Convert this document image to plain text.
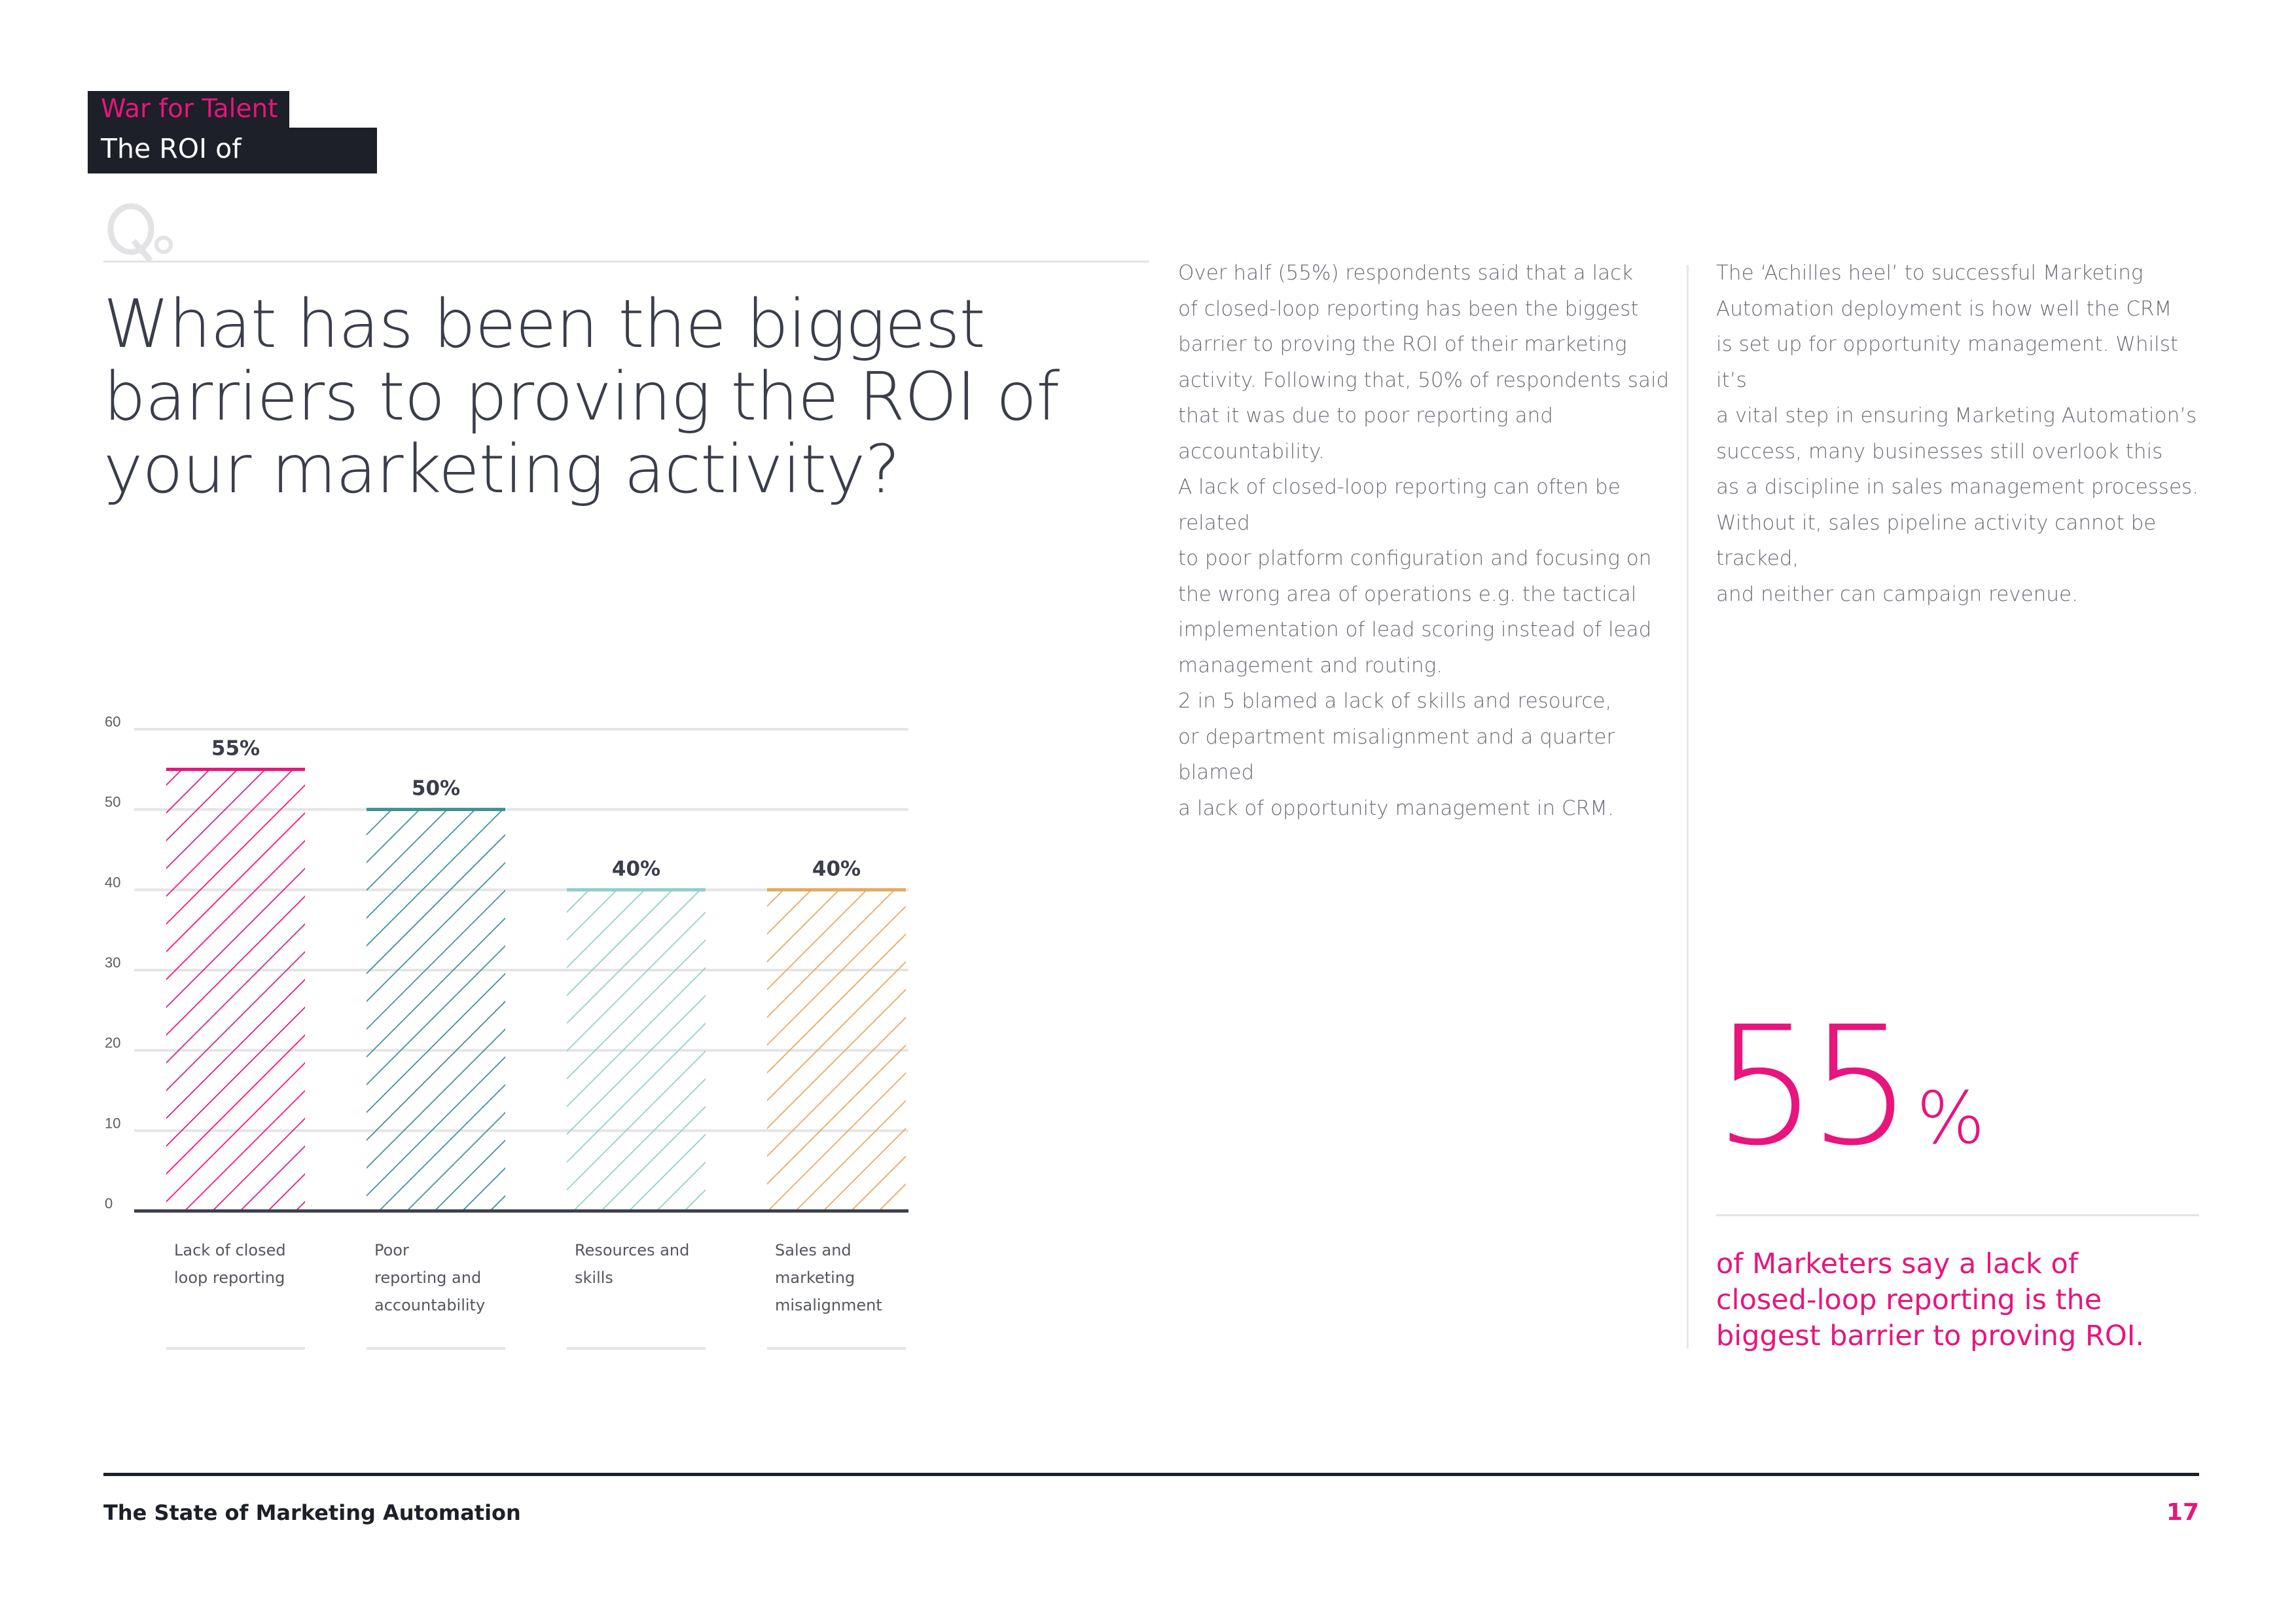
War for Talent
The ROI of Marketing
What has been the biggest barriers to proving the ROI of your marketing activity?

Over half (55%) respondents said that a lack
of closed-loop reporting has been the biggest
barrier to proving the ROI of their marketing
activity. Following that, 50% of respondents said
that it was due to poor reporting and accountability.

A lack of closed-loop reporting can often be related
to poor platform configuration and focusing on
the wrong area of operations e.g. the tactical
implementation of lead scoring instead of lead
management and routing.

2 in 5 blamed a lack of skills and resource,
or department misalignment and a quarter blamed
a lack of opportunity management in CRM.

The ‘Achilles heel’ to successful Marketing
Automation deployment is how well the CRM
is set up for opportunity management. Whilst it’s
a vital step in ensuring Marketing Automation’s
success, many businesses still overlook this
as a discipline in sales management processes.
Without it, sales pipeline activity cannot be tracked,
and neither can campaign revenue.

55 %

of Marketers say a lack of
closed-loop reporting is the
biggest barrier to proving ROI.

0
10
20
30
40
50
60
55%
Lack of closed
loop reporting
50%
Poor
reporting and
accountability
40%
Resources and
skills
40%
Sales and
marketing
misalignment
The State of Marketing Automation	17
